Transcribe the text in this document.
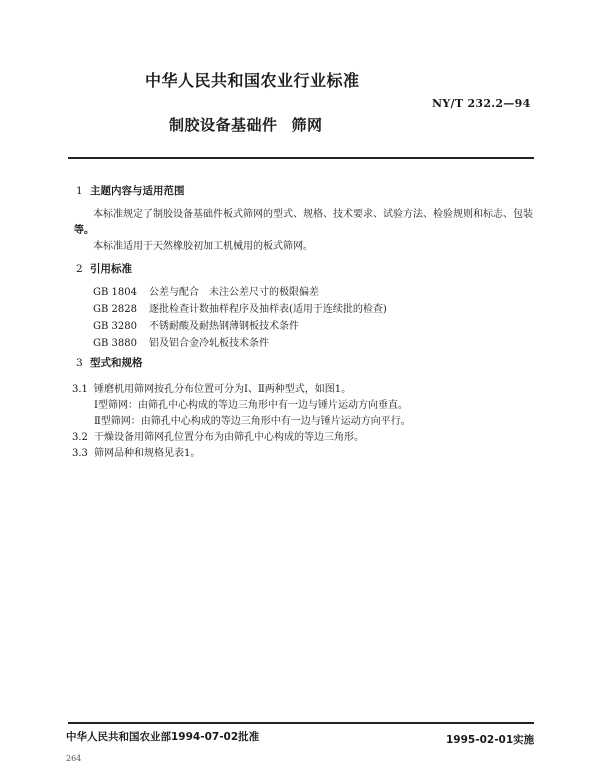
中华人民共和国农业行业标准
NY/T 232.2—94
制胶设备基础件 筛网
1 主题内容与适用范围
本标准规定了制胶设备基础件板式筛网的型式、规格、技术要求、试验方法、检验规则和标志、包装
等。
本标准适用于天然橡胶初加工机械用的板式筛网。
2 引用标准
GB 1804 公差与配合　未注公差尺寸的极限偏差
GB 2828 逐批检查计数抽样程序及抽样表(适用于连续批的检查)
GB 3280 不锈耐酸及耐热钢薄钢板技术条件
GB 3880 铝及铝合金冷轧板技术条件
3 型式和规格
3.1 锤磨机用筛网按孔分布位置可分为Ⅰ、Ⅱ两种型式，如图1。
Ⅰ型筛网：由筛孔中心构成的等边三角形中有一边与锤片运动方向垂直。
Ⅱ型筛网：由筛孔中心构成的等边三角形中有一边与锤片运动方向平行。
3.2 干燥设备用筛网孔位置分布为由筛孔中心构成的等边三角形。
3.3 筛网品种和规格见表1。
中华人民共和国农业部1994-07-02批准	1995-02-01实施
264
